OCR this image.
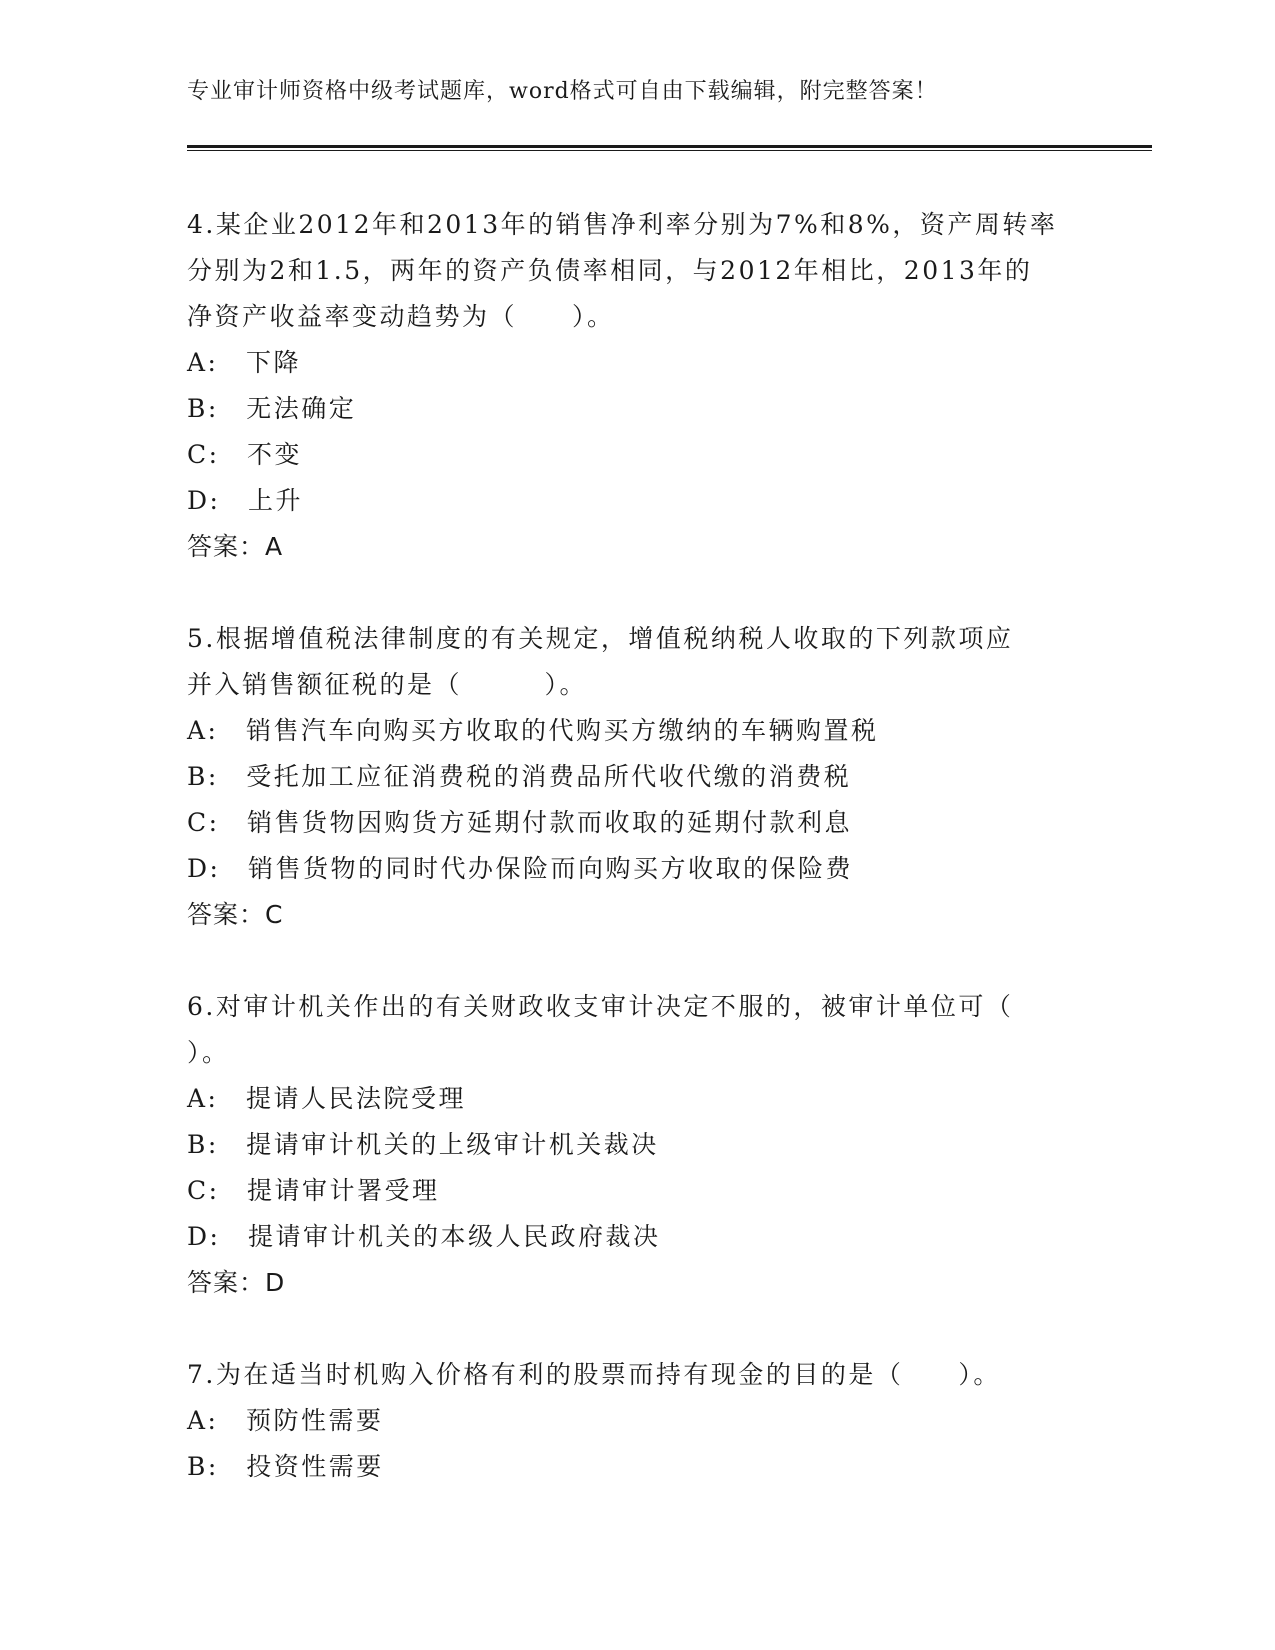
专业审计师资格中级考试题库，word格式可自由下载编辑，附完整答案！
4.某企业2012年和2013年的销售净利率分别为7%和8%，资产周转率
分别为2和1.5，两年的资产负债率相同，与2012年相比，2013年的
净资产收益率变动趋势为（　　）。
A:　下降
B:　无法确定
C:　不变
D:　上升
答案：A
5.根据增值税法律制度的有关规定，增值税纳税人收取的下列款项应
并入销售额征税的是（　　　）。
A:　销售汽车向购买方收取的代购买方缴纳的车辆购置税
B:　受托加工应征消费税的消费品所代收代缴的消费税
C:　销售货物因购货方延期付款而收取的延期付款利息
D:　销售货物的同时代办保险而向购买方收取的保险费
答案：C
6.对审计机关作出的有关财政收支审计决定不服的，被审计单位可（
）。
A:　提请人民法院受理
B:　提请审计机关的上级审计机关裁决
C:　提请审计署受理
D:　提请审计机关的本级人民政府裁决
答案：D
7.为在适当时机购入价格有利的股票而持有现金的目的是（　　）。
A:　预防性需要
B:　投资性需要
